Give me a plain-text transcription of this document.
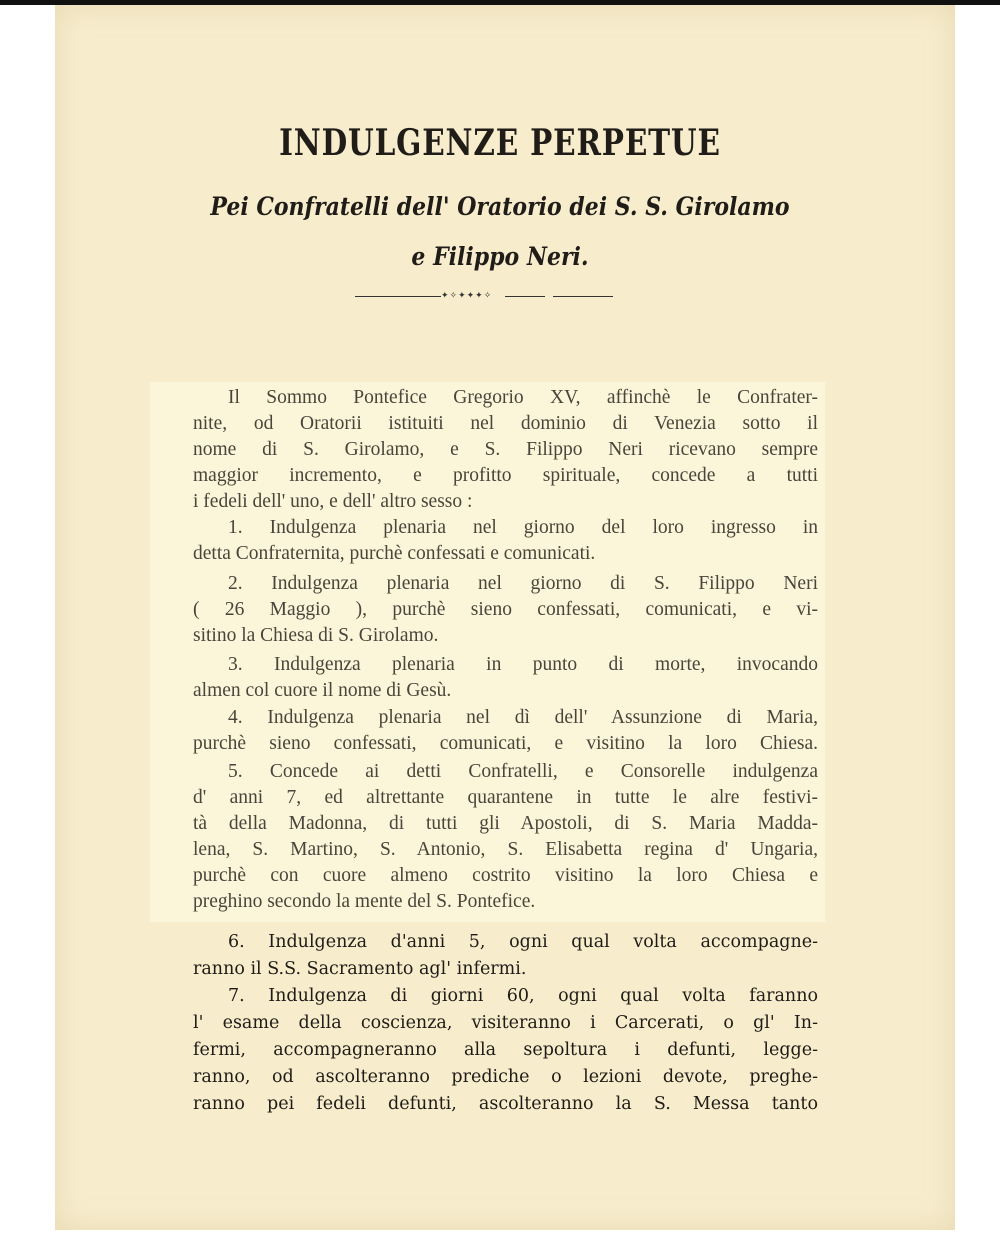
INDULGENZE PERPETUE
Pei Confratelli dell' Oratorio dei S. S. Girolamo
e Filippo Neri.
✦✧✦✦✦✧
Il Sommo Pontefice Gregorio XV, affinchè le Confrater-
nite, od Oratorii istituiti nel dominio di Venezia sotto il
nome di S. Girolamo, e S. Filippo Neri ricevano sempre
maggior incremento, e profitto spirituale, concede a tutti
i fedeli dell' uno, e dell' altro sesso :
1. Indulgenza plenaria nel giorno del loro ingresso in
detta Confraternita, purchè confessati e comunicati.
2. Indulgenza plenaria nel giorno di S. Filippo Neri
( 26 Maggio ), purchè sieno confessati, comunicati, e vi-
sitino la Chiesa di S. Girolamo.
3. Indulgenza plenaria in punto di morte, invocando
almen col cuore il nome di Gesù.
4. Indulgenza plenaria nel dì dell' Assunzione di Maria,
purchè sieno confessati, comunicati, e visitino la loro Chiesa.
5. Concede ai detti Confratelli, e Consorelle indulgenza
d' anni 7, ed altrettante quarantene in tutte le alre festivi-
tà della Madonna, di tutti gli Apostoli, di S. Maria Madda-
lena, S. Martino, S. Antonio, S. Elisabetta regina d' Ungaria,
purchè con cuore almeno costrito visitino la loro Chiesa e
preghino secondo la mente del S. Pontefice.
6. Indulgenza d'anni 5, ogni qual volta accompagne-
ranno il S.S. Sacramento agl' infermi.
7. Indulgenza di giorni 60, ogni qual volta faranno
l' esame della coscienza, visiteranno i Carcerati, o gl' In-
fermi, accompagneranno alla sepoltura i defunti, legge-
ranno, od ascolteranno prediche o lezioni devote, preghe-
ranno pei fedeli defunti, ascolteranno la S. Messa tanto
